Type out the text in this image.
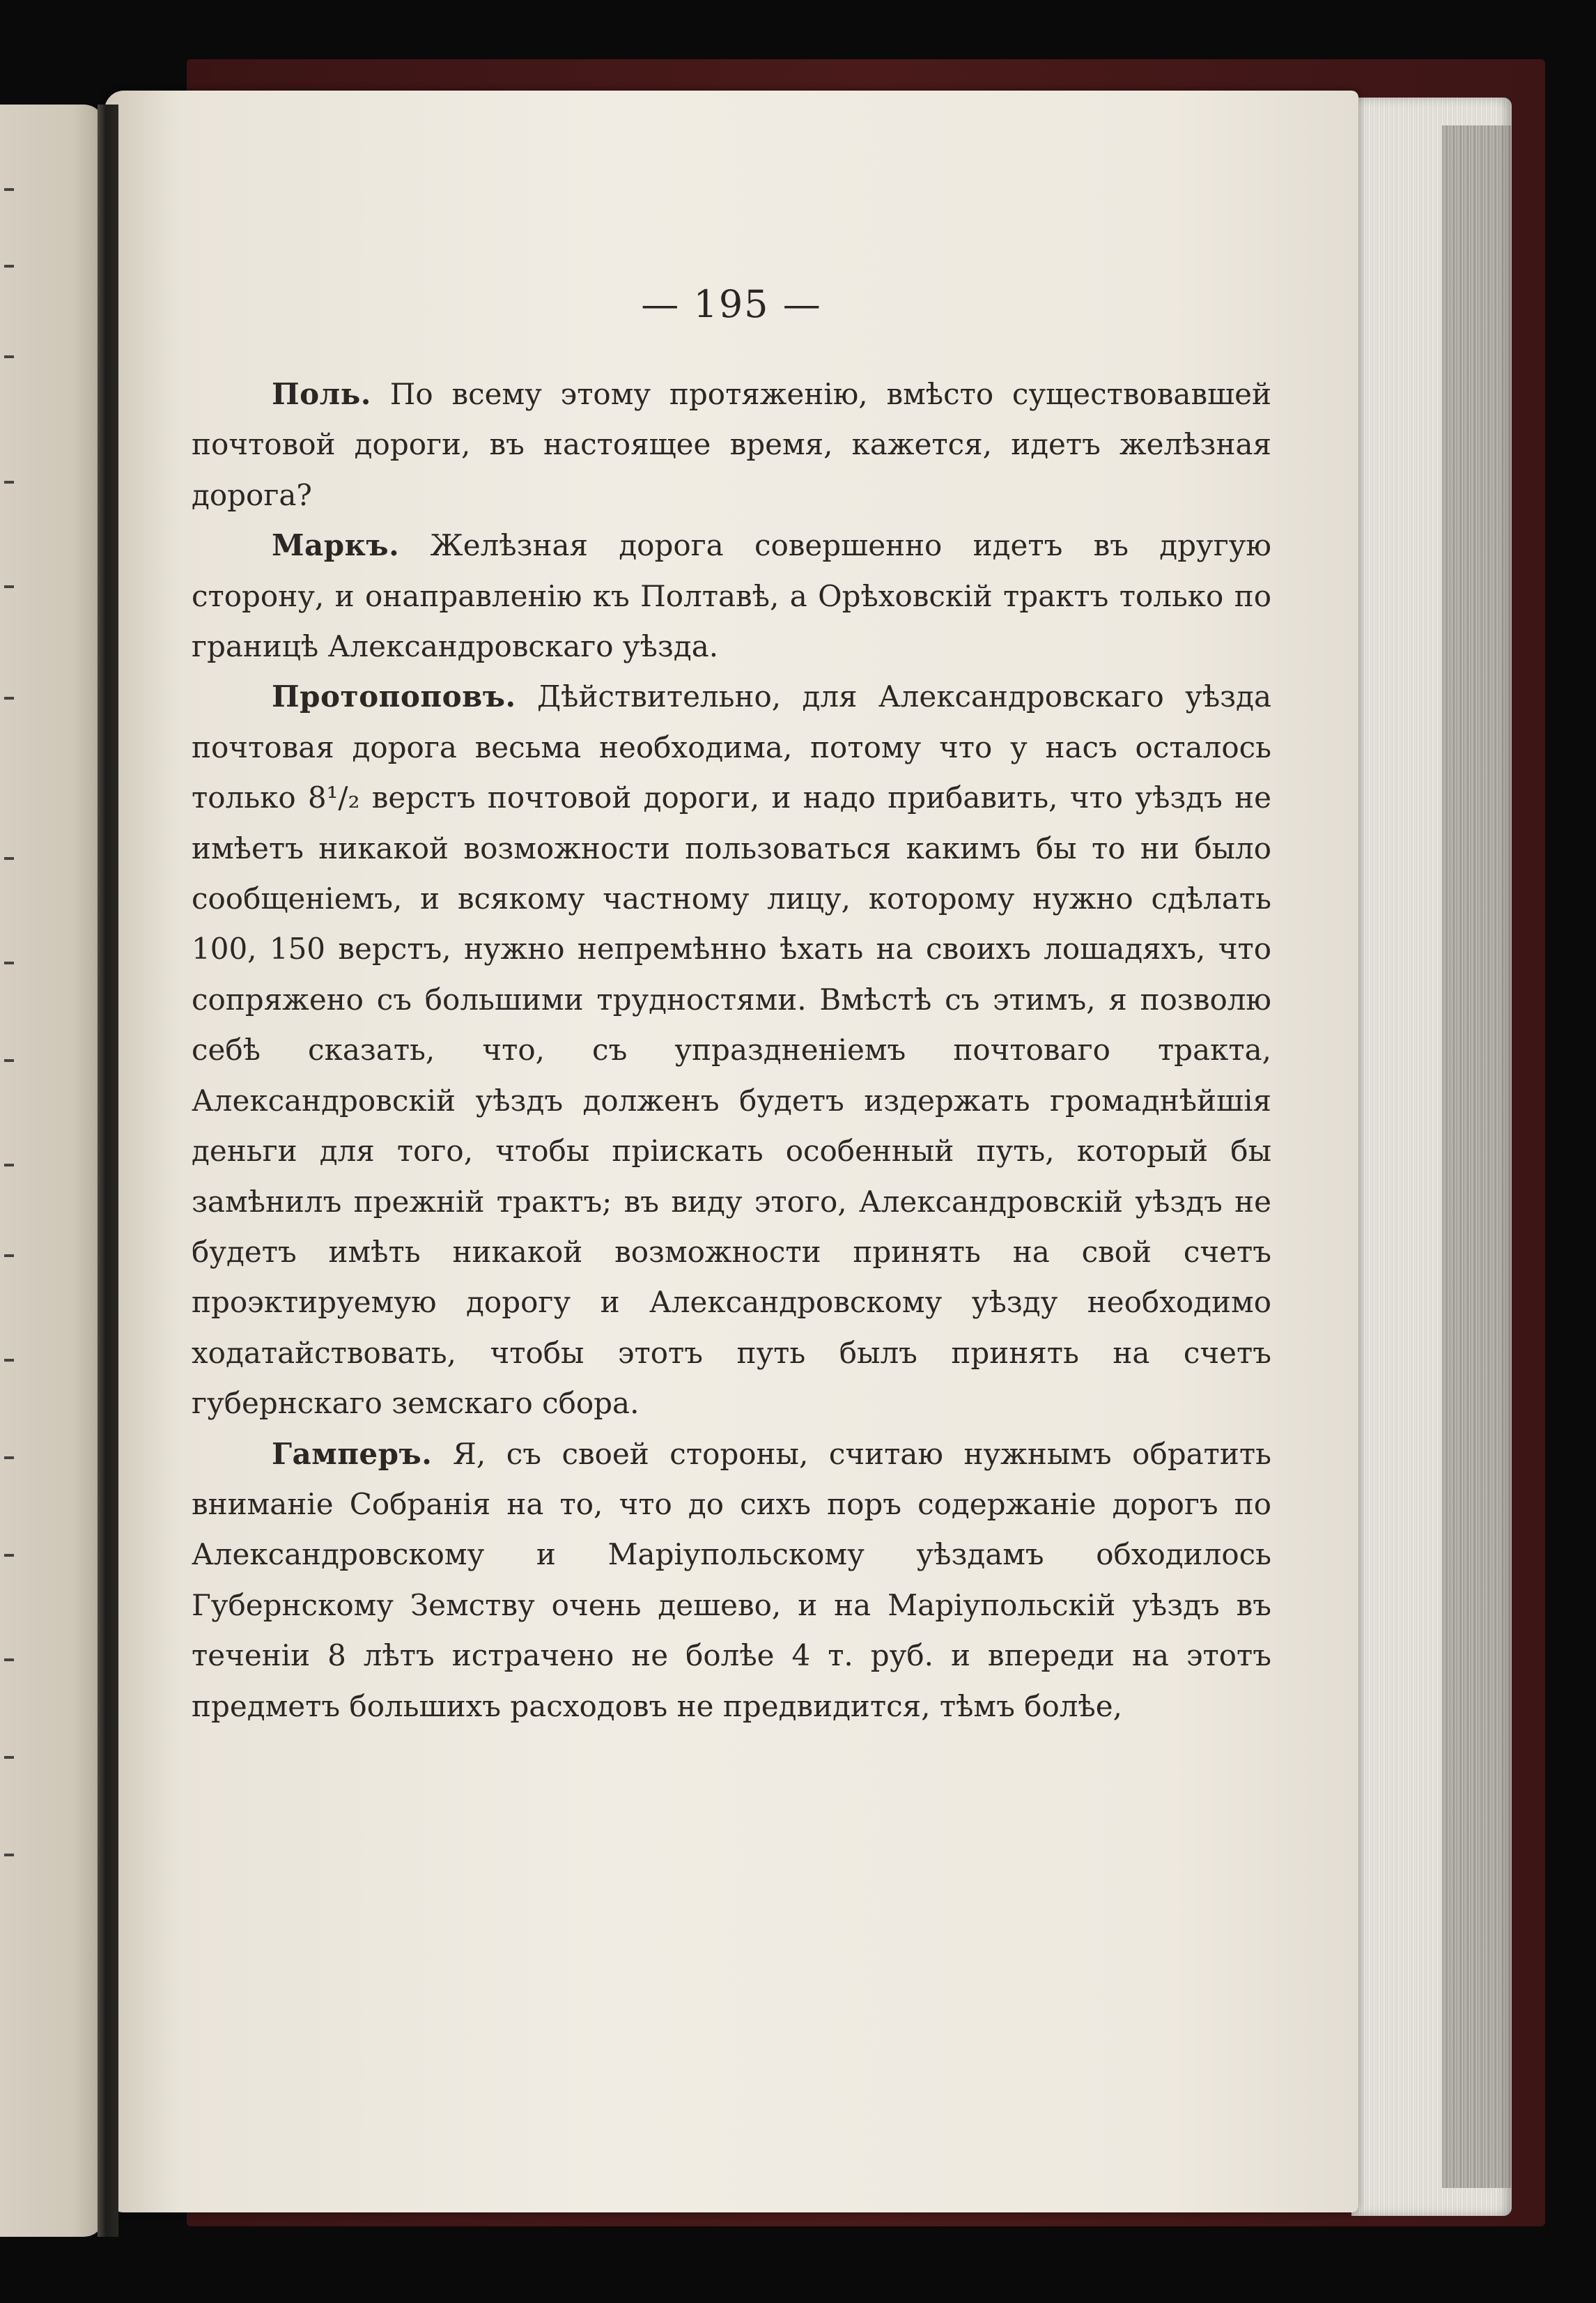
— 195 —

Поль. По всему этому протяженію, вмѣсто существовавшей почтовой дороги, въ настоящее время, кажется, идетъ желѣзная дорога?

Маркъ. Желѣзная дорога совершенно идетъ въ другую сторону, и онаправленію къ Полтавѣ, а Орѣховскій трактъ только по границѣ Александровскаго уѣзда.

Протопоповъ. Дѣйствительно, для Александровскаго уѣзда почтовая дорога весьма необходима, потому что у насъ осталось только 8¹/₂ верстъ почтовой дороги, и надо прибавить, что уѣздъ не имѣетъ никакой возможности пользоваться какимъ бы то ни было сообщеніемъ, и всякому частному лицу, которому нужно сдѣлать 100, 150 верстъ, нужно непремѣнно ѣхать на своихъ лошадяхъ, что сопряжено съ большими трудностями. Вмѣстѣ съ этимъ, я позволю себѣ сказать, что, съ упраздненіемъ почтоваго тракта, Александровскій уѣздъ долженъ будетъ издержать громаднѣйшія деньги для того, чтобы пріискать особенный путь, который бы замѣнилъ прежній трактъ; въ виду этого, Александровскій уѣздъ не будетъ имѣть никакой возможности принять на свой счетъ проэктируемую дорогу и Александровскому уѣзду необходимо ходатайствовать, чтобы этотъ путь былъ принять на счетъ губернскаго земскаго сбора.

Гамперъ. Я, съ своей стороны, считаю нужнымъ обратить вниманіе Собранія на то, что до сихъ поръ содержаніе дорогъ по Александровскому и Маріупольскому уѣздамъ обходилось Губернскому Земству очень дешево, и на Маріупольскій уѣздъ въ теченіи 8 лѣтъ истрачено не болѣе 4 т. руб. и впереди на этотъ предметъ большихъ расходовъ не предвидится, тѣмъ болѣе,
